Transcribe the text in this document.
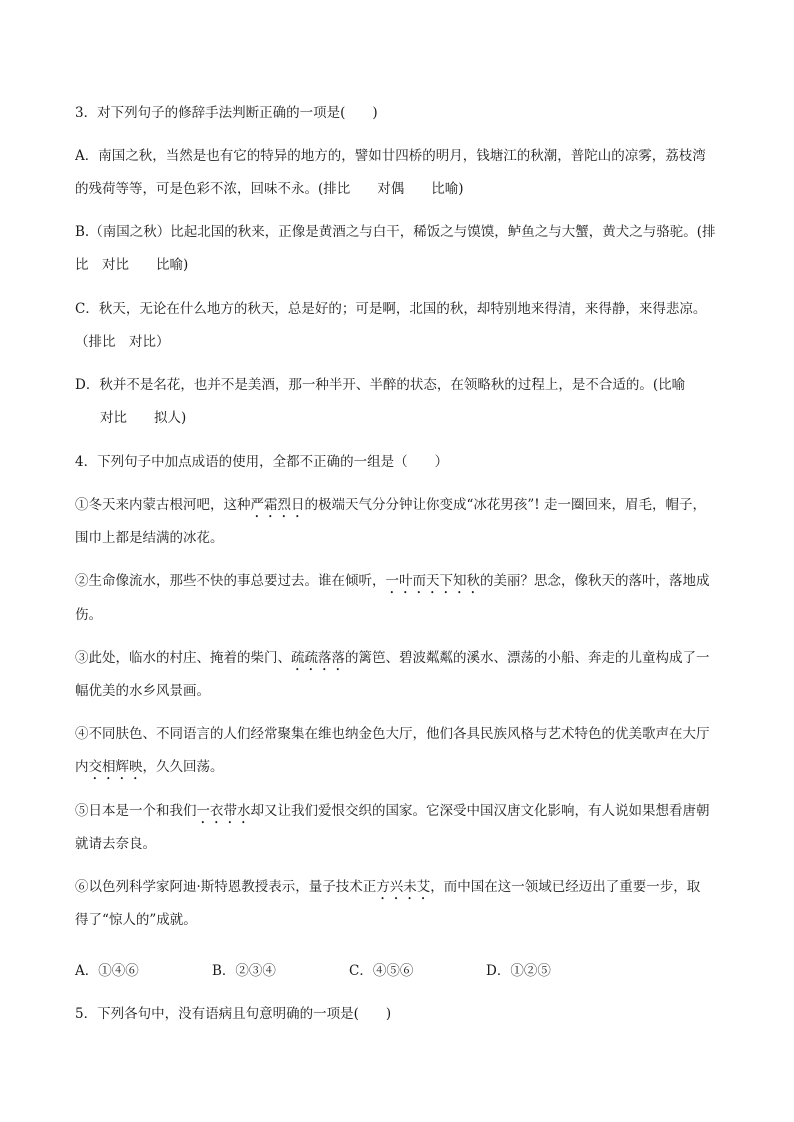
3．对下列句子的修辞手法判断正确的一项是(　　)
A．南国之秋，当然是也有它的特异的地方的，譬如廿四桥的明月，钱塘江的秋潮，普陀山的凉雾，荔枝湾
的残荷等等，可是色彩不浓，回味不永。(排比　　对偶　　比喻)
B.（南国之秋）比起北国的秋来，正像是黄酒之与白干，稀饭之与馍馍，鲈鱼之与大蟹，黄犬之与骆驼。(排
比　对比　　比喻)
C．秋天，无论在什么地方的秋天，总是好的；可是啊，北国的秋，却特别地来得清，来得静，来得悲凉。
（排比　对比）
D．秋并不是名花，也并不是美酒，那一种半开、半醉的状态，在领略秋的过程上，是不合适的。(比喻
对比　　拟人)
4．下列句子中加点成语的使用，全都不正确的一组是（　　）
①冬天来内蒙古根河吧，这种严霜烈日的极端天气分分钟让你变成“冰花男孩”! 走一圈回来，眉毛，帽子，
围巾上都是结满的冰花。
②生命像流水，那些不快的事总要过去。谁在倾听，一叶而天下知秋的美丽？思念，像秋天的落叶，落地成
伤。
③此处，临水的村庄、掩着的柴门、疏疏落落的篱笆、碧波粼粼的溪水、漂荡的小船、奔走的儿童构成了一
幅优美的水乡风景画。
④不同肤色、不同语言的人们经常聚集在维也纳金色大厅，他们各具民族风格与艺术特色的优美歌声在大厅
内交相辉映，久久回荡。
⑤日本是一个和我们一衣带水却又让我们爱恨交织的国家。它深受中国汉唐文化影响，有人说如果想看唐朝
就请去奈良。
⑥以色列科学家阿迪·斯特恩教授表示，量子技术正方兴未艾，而中国在这一领域已经迈出了重要一步，取
得了“惊人的”成就。
A．①④⑥	B．②③④	C．④⑤⑥	D．①②⑤
5．下列各句中，没有语病且句意明确的一项是(　　)
